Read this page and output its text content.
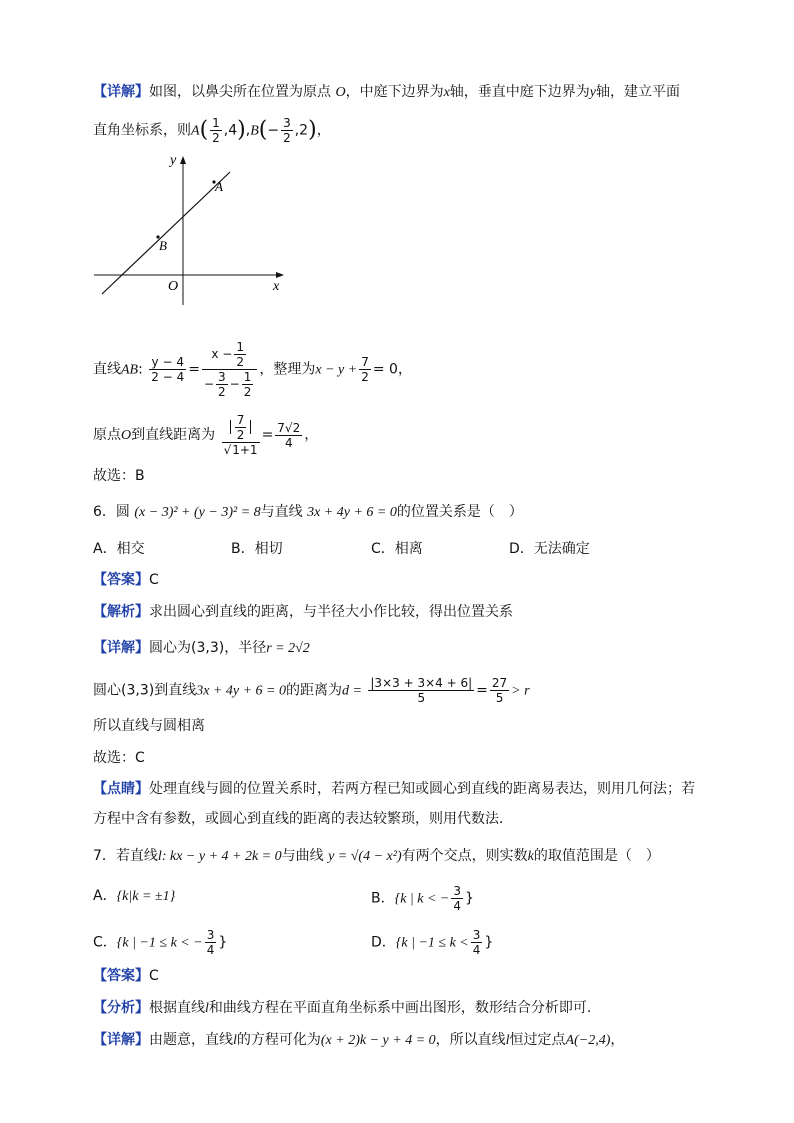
【详解】如图，以鼻尖所在位置为原点 O，中庭下边界为x轴，垂直中庭下边界为y轴，建立平面
直角坐标系，则$A( \frac{1}{2} ,4),B(- \frac{3}{2} ,2)$，
y
x
O
A
B
直线AB: $\frac{y - 4}{2 - 4} = \frac{x - \frac{1}{2}}{- \frac{3}{2} - \frac{1}{2}}$ ，整理为$x - y + \frac{7}{2} = 0$，
原点O到直线距离为 $\frac{\frac{7}{2}}{√1+1} = \frac{7√2}{4}$ ，
故选：B
6．圆 (x − 3)² + (y − 3)² = 8与直线 3x + 4y + 6 = 0的位置关系是（　）
A．相交	B．相切	C．相离	D．无法确定
【答案】C
【解析】求出圆心到直线的距离，与半径大小作比较，得出位置关系
【详解】圆心为(3,3)，半径r = 2√2
圆心(3,3)到直线3x + 4y + 6 = 0的距离为$d = \frac{|3\times 3 + 3\times 4 + 6|}{5} = \frac{27}{5} > r$
所以直线与圆相离
故选：C
【点睛】处理直线与圆的位置关系时，若两方程已知或圆心到直线的距离易表达，则用几何法；若
方程中含有参数，或圆心到直线的距离的表达较繁琐，则用代数法．
7．若直线l: kx − y + 4 + 2k = 0与曲线 y = √(4 − x²)有两个交点，则实数k的取值范围是（　）
A．{k|k = ±1}	B．{k | k < − $\frac{3}{4}$ }
C．{k | −1 ≤ k < − $\frac{3}{4}$ }	D．{k | $-1 \le k < \frac{3}{4}$ }
【答案】C
【分析】根据直线l和曲线方程在平面直角坐标系中画出图形，数形结合分析即可.
【详解】由题意，直线l的方程可化为(x + 2)k − y + 4 = 0，所以直线l恒过定点A(−2,4)，
